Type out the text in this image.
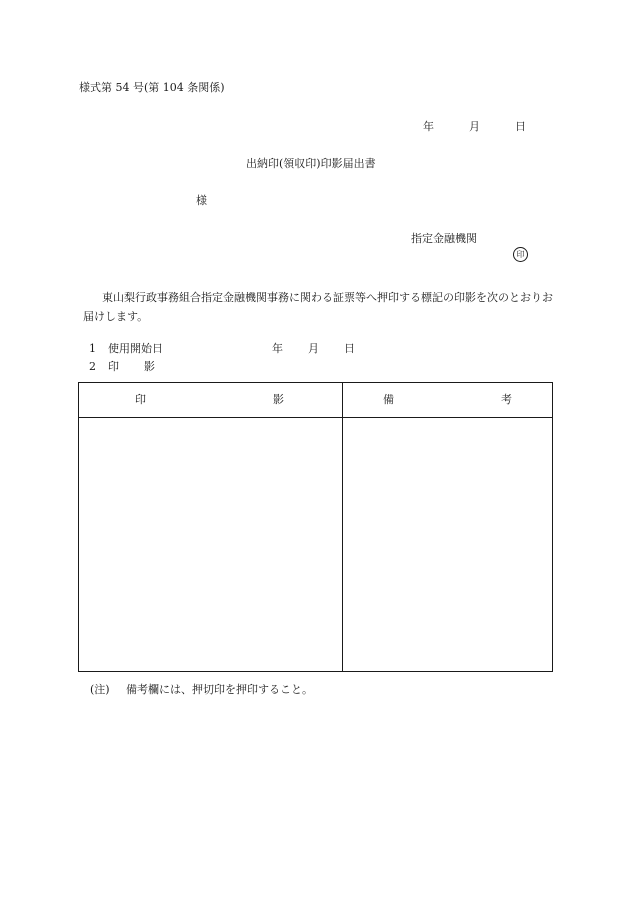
様式第 54 号(第 104 条関係)
年	月	日
出納印(領収印)印影届出書
様
指定金融機関
印
東山梨行政事務組合指定金融機関事務に関わる証票等へ押印する標記の印影を次のとおりお届けします。
1 使用開始日	年 月 日
2 印 影
印 影	備 考

(注) 備考欄には、押切印を押印すること。
